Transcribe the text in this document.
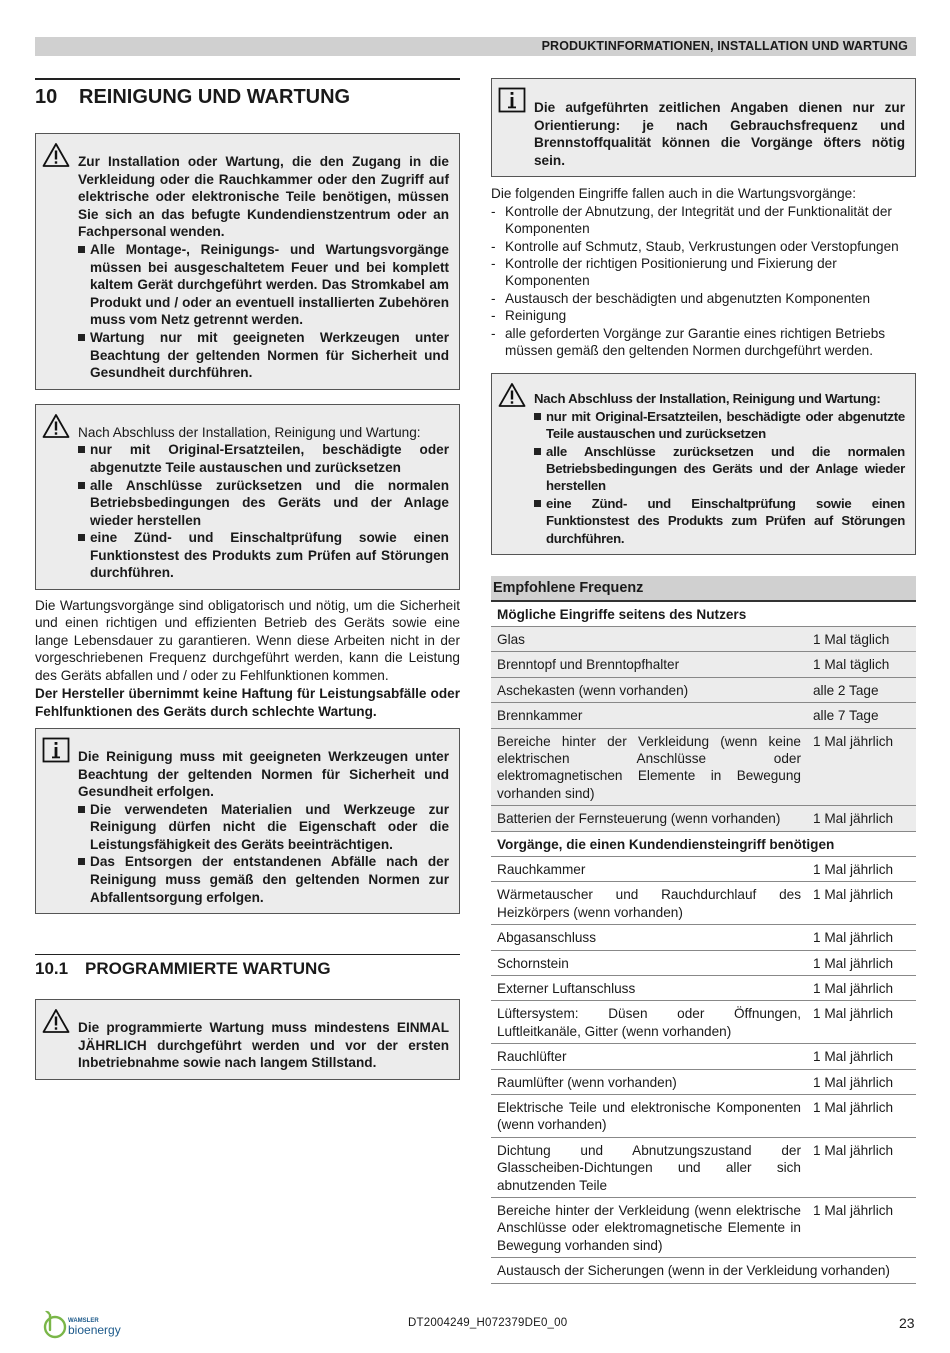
PRODUKTINFORMATIONEN, INSTALLATION UND WARTUNG
10 REINIGUNG UND WARTUNG

Zur Installation oder Wartung, die den Zugang in die Verkleidung oder die Rauchkammer oder den Zugriff auf elektrische oder elektronische Teile benötigen, müssen Sie sich an das befugte Kundendienstzentrum oder an Fachpersonal wenden.

Alle Montage-, Reinigungs- und Wartungsvorgänge müssen bei ausgeschaltetem Feuer und bei komplett kaltem Gerät durchgeführt werden. Das Stromkabel am Produkt und / oder an eventuell installierten Zubehören muss vom Netz getrennt werden.
Wartung nur mit geeigneten Werkzeugen unter Beachtung der geltenden Normen für Sicherheit und Gesundheit durchführen.

Nach Abschluss der Installation, Reinigung und Wartung:

nur mit Original-Ersatzteilen, beschädigte oder abgenutzte Teile austauschen und zurücksetzen
alle Anschlüsse zurücksetzen und die normalen Betriebsbedingungen des Geräts und der Anlage wieder herstellen
eine Zünd- und Einschaltprüfung sowie einen Funktionstest des Produkts zum Prüfen auf Störungen durchführen.

Die Wartungsvorgänge sind obligatorisch und nötig, um die Sicherheit und einen richtigen und effizienten Betrieb des Geräts sowie eine lange Lebensdauer zu garantieren. Wenn diese Arbeiten nicht in der vorgeschriebenen Frequenz durchgeführt werden, kann die Leistung des Geräts abfallen und / oder zu Fehlfunktionen kommen.

Der Hersteller übernimmt keine Haftung für Leistungsabfälle oder Fehlfunktionen des Geräts durch schlechte Wartung.

Die Reinigung muss mit geeigneten Werkzeugen unter Beachtung der geltenden Normen für Sicherheit und Gesundheit erfolgen.

Die verwendeten Materialien und Werkzeuge zur Reinigung dürfen nicht die Eigenschaft oder die Leistungsfähigkeit des Geräts beeinträchtigen.
Das Entsorgen der entstandenen Abfälle nach der Reinigung muss gemäß den geltenden Normen zur Abfallentsorgung erfolgen.
10.1 PROGRAMMIERTE WARTUNG

Die programmierte Wartung muss mindestens EINMAL JÄHRLICH durchgeführt werden und vor der ersten Inbetriebnahme sowie nach langem Stillstand.

Die aufgeführten zeitlichen Angaben dienen nur zur Orientierung: je nach Gebrauchsfrequenz und Brennstoffqualität können die Vorgänge öfters nötig sein.

Die folgenden Eingriffe fallen auch in die Wartungsvorgänge:

- Kontrolle der Abnutzung, der Integrität und der Funktionalität der Komponenten
- Kontrolle auf Schmutz, Staub, Verkrustungen oder Verstopfungen
- Kontrolle der richtigen Positionierung und Fixierung der Komponenten
- Austausch der beschädigten und abgenutzten Komponenten
- Reinigung
- alle geforderten Vorgänge zur Garantie eines richtigen Betriebs müssen gemäß den geltenden Normen durchgeführt werden.

Nach Abschluss der Installation, Reinigung und Wartung:

nur mit Original-Ersatzteilen, beschädigte oder abgenutzte Teile austauschen und zurücksetzen
alle Anschlüsse zurücksetzen und die normalen Betriebsbedingungen des Geräts und der Anlage wieder herstellen
eine Zünd- und Einschaltprüfung sowie einen Funktionstest des Produkts zum Prüfen auf Störungen durchführen.
Empfohlene Frequenz	
Mögliche Eingriffe seitens des Nutzers	
Glas	1 Mal täglich
Brenntopf und Brenntopfhalter	1 Mal täglich
Aschekasten (wenn vorhanden)	alle 2 Tage
Brennkammer	alle 7 Tage
Bereiche hinter der Verkleidung (wenn keine elektrischen Anschlüsse oder elektromagnetischen Elemente in Bewegung vorhanden sind)	1 Mal jährlich
Batterien der Fernsteuerung (wenn vorhanden)	1 Mal jährlich
Vorgänge, die einen Kundendiensteingriff benötigen	
Rauchkammer	1 Mal jährlich
Wärmetauscher und Rauchdurchlauf des Heizkörpers (wenn vorhanden)	1 Mal jährlich
Abgasanschluss	1 Mal jährlich
Schornstein	1 Mal jährlich
Externer Luftanschluss	1 Mal jährlich
Lüftersystem: Düsen oder Öffnungen, Luftleitkanäle, Gitter (wenn vorhanden)	1 Mal jährlich
Rauchlüfter	1 Mal jährlich
Raumlüfter (wenn vorhanden)	1 Mal jährlich
Elektrische Teile und elektronische Komponenten (wenn vorhanden)	1 Mal jährlich
Dichtung und Abnutzungszustand der Glasscheiben-Dichtungen und aller sich abnutzenden Teile	1 Mal jährlich
Bereiche hinter der Verkleidung (wenn elektrische Anschlüsse oder elektromagnetische Elemente in Bewegung vorhanden sind)	1 Mal jährlich
Austausch der Sicherungen (wenn in der Verkleidung vorhanden)	
WAMSLER
bioenergy	DT2004249_H072379DE0_00	23
